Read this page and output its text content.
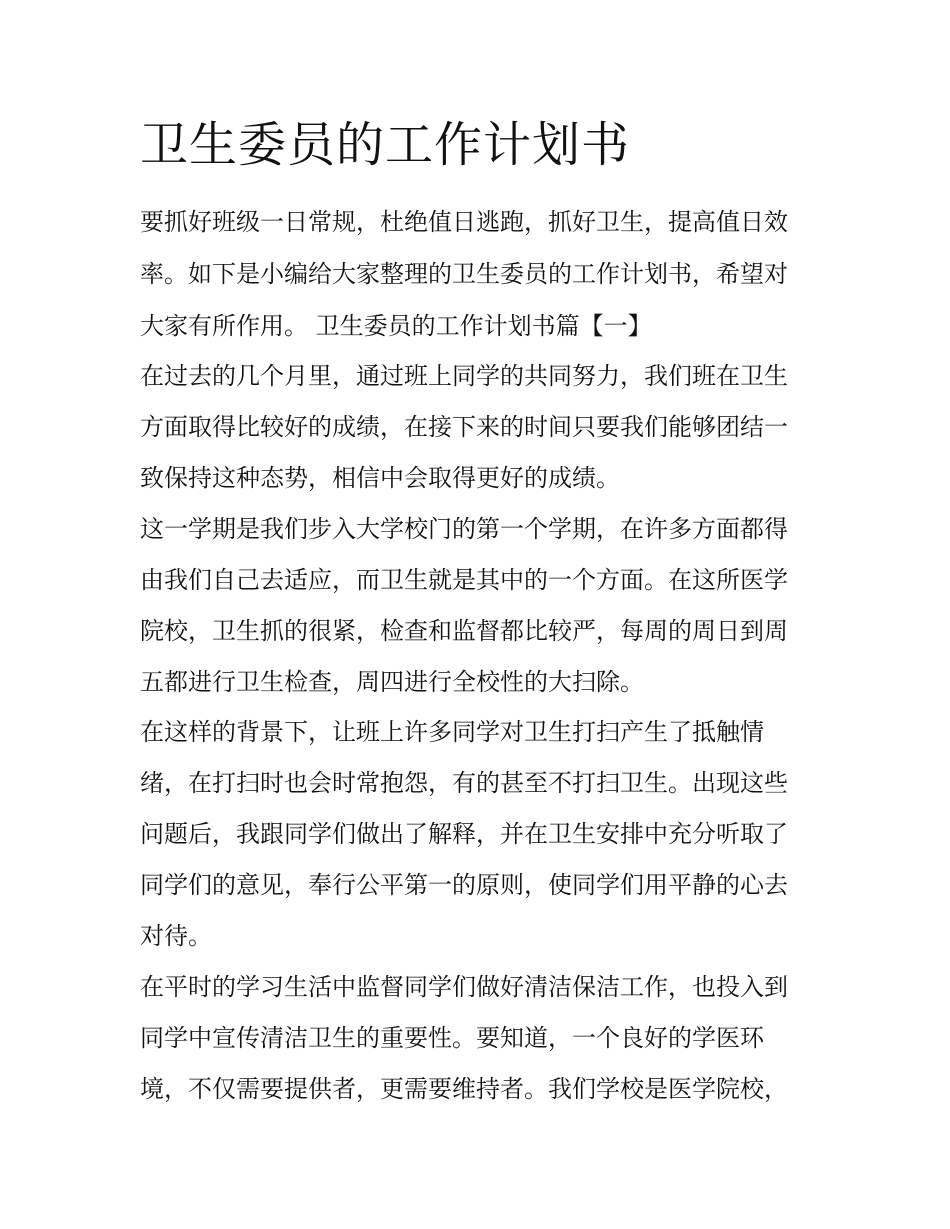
卫生委员的工作计划书
要抓好班级一日常规，杜绝值日逃跑，抓好卫生，提高值日效
率。如下是小编给大家整理的卫生委员的工作计划书，希望对
大家有所作用。 卫生委员的工作计划书篇【一】
在过去的几个月里，通过班上同学的共同努力，我们班在卫生
方面取得比较好的成绩，在接下来的时间只要我们能够团结一
致保持这种态势，相信中会取得更好的成绩。
这一学期是我们步入大学校门的第一个学期，在许多方面都得
由我们自己去适应，而卫生就是其中的一个方面。在这所医学
院校，卫生抓的很紧，检查和监督都比较严，每周的周日到周
五都进行卫生检查，周四进行全校性的大扫除。
在这样的背景下，让班上许多同学对卫生打扫产生了抵触情
绪，在打扫时也会时常抱怨，有的甚至不打扫卫生。出现这些
问题后，我跟同学们做出了解释，并在卫生安排中充分听取了
同学们的意见，奉行公平第一的原则，使同学们用平静的心去
对待。
在平时的学习生活中监督同学们做好清洁保洁工作，也投入到
同学中宣传清洁卫生的重要性。要知道，一个良好的学医环
境，不仅需要提供者，更需要维持者。我们学校是医学院校，
